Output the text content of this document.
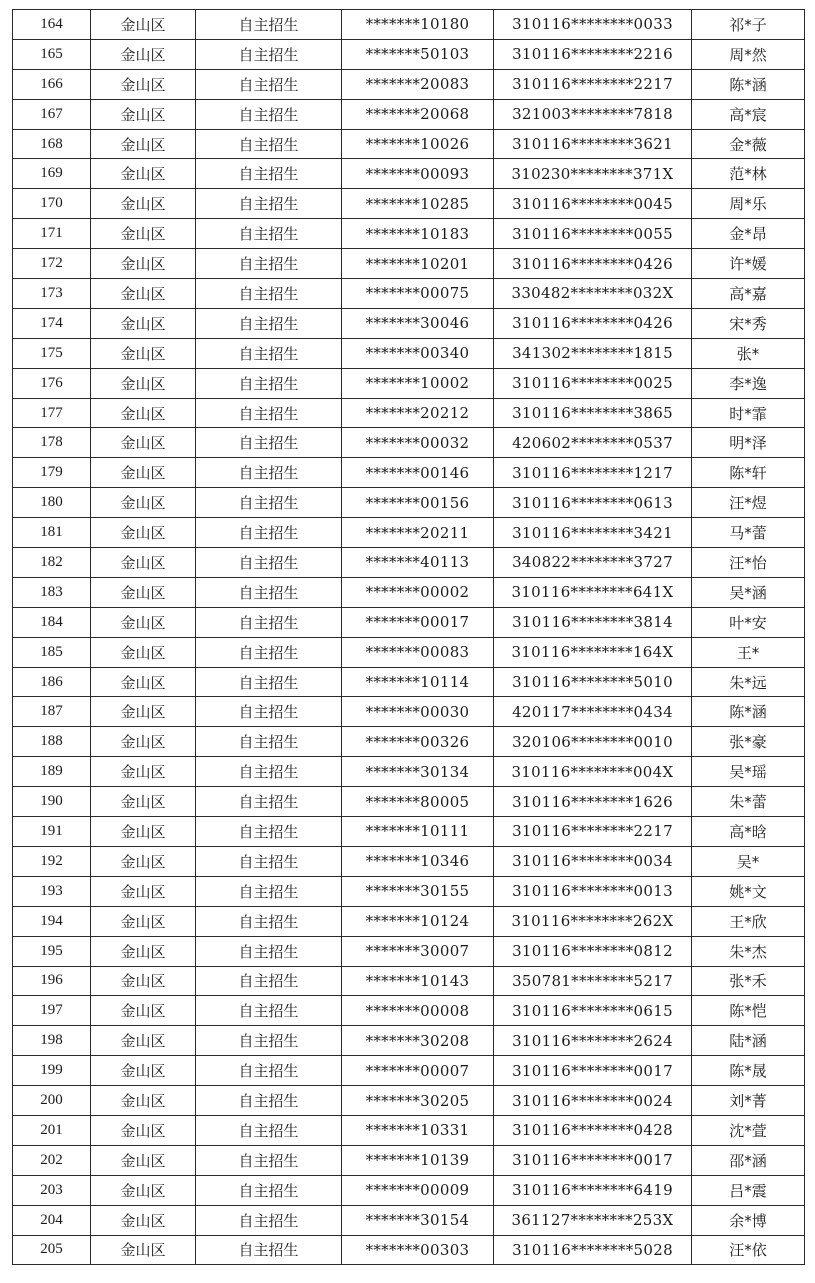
164	金山区	自主招生	*******10180	310116********0033	祁*子
165	金山区	自主招生	*******50103	310116********2216	周*然
166	金山区	自主招生	*******20083	310116********2217	陈*涵
167	金山区	自主招生	*******20068	321003********7818	高*宸
168	金山区	自主招生	*******10026	310116********3621	金*薇
169	金山区	自主招生	*******00093	310230********371X	范*林
170	金山区	自主招生	*******10285	310116********0045	周*乐
171	金山区	自主招生	*******10183	310116********0055	金*昂
172	金山区	自主招生	*******10201	310116********0426	许*媛
173	金山区	自主招生	*******00075	330482********032X	高*嘉
174	金山区	自主招生	*******30046	310116********0426	宋*秀
175	金山区	自主招生	*******00340	341302********1815	张*
176	金山区	自主招生	*******10002	310116********0025	李*逸
177	金山区	自主招生	*******20212	310116********3865	时*霏
178	金山区	自主招生	*******00032	420602********0537	明*泽
179	金山区	自主招生	*******00146	310116********1217	陈*轩
180	金山区	自主招生	*******00156	310116********0613	汪*煜
181	金山区	自主招生	*******20211	310116********3421	马*蕾
182	金山区	自主招生	*******40113	340822********3727	汪*怡
183	金山区	自主招生	*******00002	310116********641X	吴*涵
184	金山区	自主招生	*******00017	310116********3814	叶*安
185	金山区	自主招生	*******00083	310116********164X	王*
186	金山区	自主招生	*******10114	310116********5010	朱*远
187	金山区	自主招生	*******00030	420117********0434	陈*涵
188	金山区	自主招生	*******00326	320106********0010	张*豪
189	金山区	自主招生	*******30134	310116********004X	吴*瑶
190	金山区	自主招生	*******80005	310116********1626	朱*蕾
191	金山区	自主招生	*******10111	310116********2217	高*晗
192	金山区	自主招生	*******10346	310116********0034	吴*
193	金山区	自主招生	*******30155	310116********0013	姚*文
194	金山区	自主招生	*******10124	310116********262X	王*欣
195	金山区	自主招生	*******30007	310116********0812	朱*杰
196	金山区	自主招生	*******10143	350781********5217	张*禾
197	金山区	自主招生	*******00008	310116********0615	陈*恺
198	金山区	自主招生	*******30208	310116********2624	陆*涵
199	金山区	自主招生	*******00007	310116********0017	陈*晟
200	金山区	自主招生	*******30205	310116********0024	刘*菁
201	金山区	自主招生	*******10331	310116********0428	沈*萱
202	金山区	自主招生	*******10139	310116********0017	邵*涵
203	金山区	自主招生	*******00009	310116********6419	吕*震
204	金山区	自主招生	*******30154	361127********253X	余*博
205	金山区	自主招生	*******00303	310116********5028	汪*依
